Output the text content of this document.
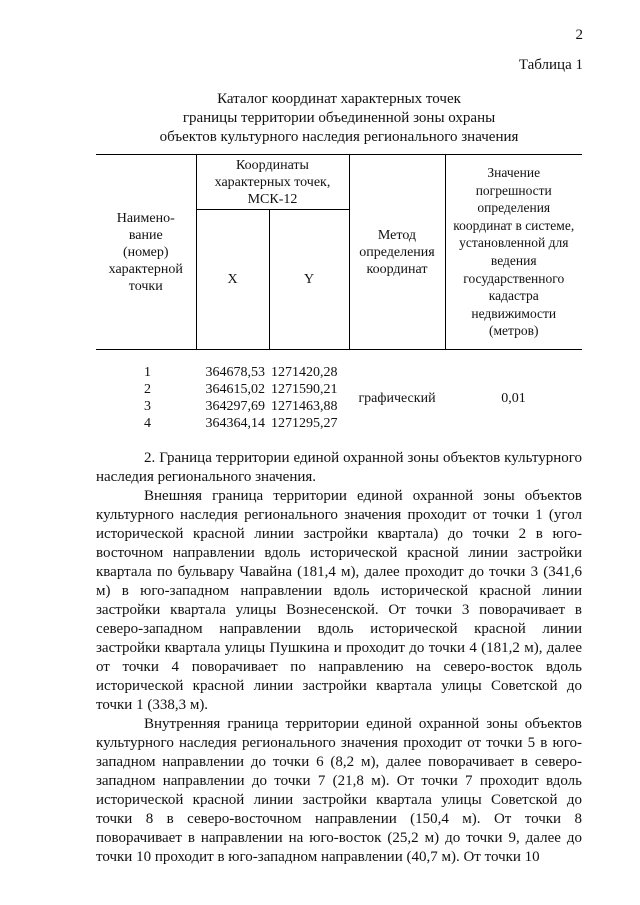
2
Таблица 1
Каталог координат характерных точек
границы территории объединенной зоны охраны
объектов культурного наследия регионального значения
Наимено-вание (номер) характерной точки	Координаты характерных точек, МСК-12		Метод определения координат	Значение погрешности определения координат в системе, установленной для ведения государственного кадастра недвижимости (метров)

	X	Y		
1	364678,53	1271420,28	графический	0,01
2	364615,02	1271590,21		
3	364297,69	1271463,88		
4	364364,14	1271295,27		

2. Граница территории единой охранной зоны объектов культурного наследия регионального значения.

Внешняя граница территории единой охранной зоны объектов культурного наследия регионального значения проходит от точки 1 (угол исторической красной линии застройки квартала) до точки 2 в юго-восточном направлении вдоль исторической красной линии застройки квартала по бульвару Чавайна (181,4 м), далее проходит до точки 3 (341,6 м) в юго-западном направлении вдоль исторической красной линии застройки квартала улицы Вознесенской. От точки 3 поворачивает в северо-западном направлении вдоль исторической красной линии застройки квартала улицы Пушкина и проходит до точки 4 (181,2 м), далее от точки 4 поворачивает по направлению на северо-восток вдоль исторической красной линии застройки квартала улицы Советской до точки 1 (338,3 м).

Внутренняя граница территории единой охранной зоны объектов культурного наследия регионального значения проходит от точки 5 в юго-западном направлении до точки 6 (8,2 м), далее поворачивает в северо-западном направлении до точки 7 (21,8 м). От точки 7 проходит вдоль исторической красной линии застройки квартала улицы Советской до точки 8 в северо-восточном направлении (150,4 м). От точки 8 поворачивает в направлении на юго-восток (25,2 м) до точки 9, далее до точки 10 проходит в юго-западном направлении (40,7 м). От точки 10
